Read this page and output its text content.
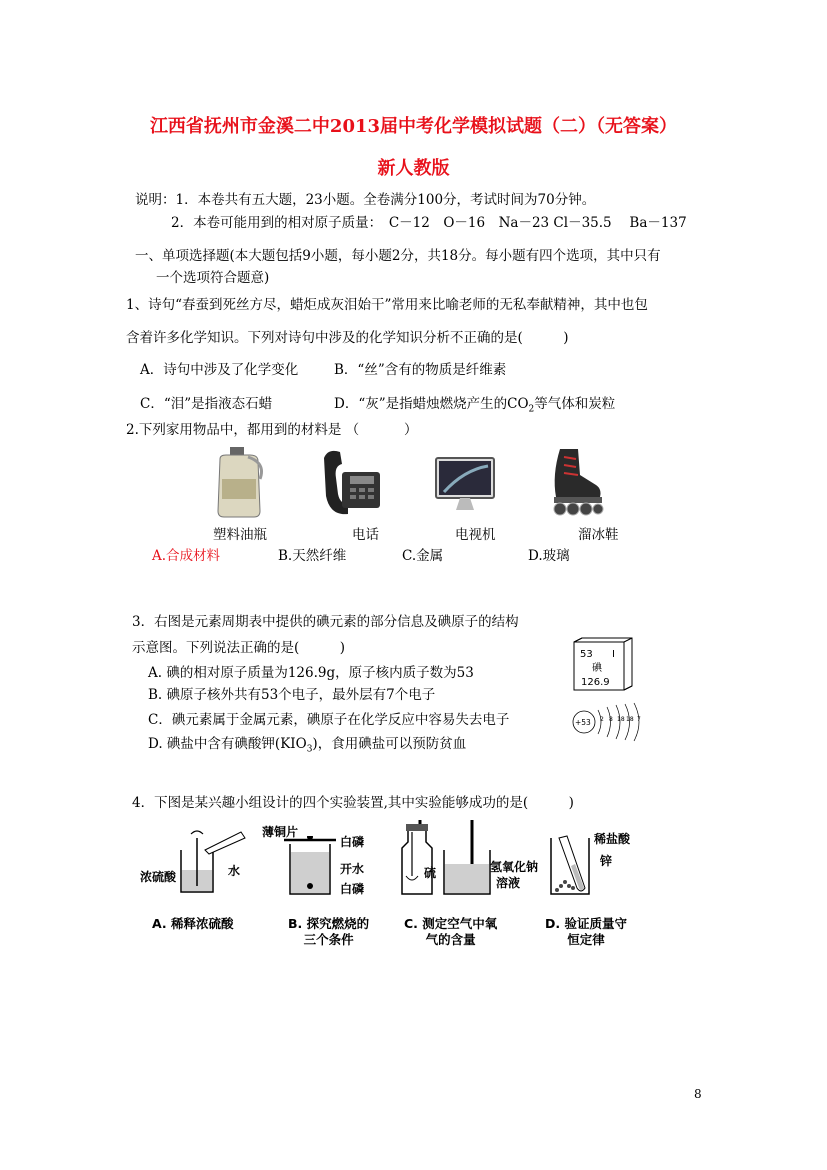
江西省抚州市金溪二中2013届中考化学模拟试题（二）（无答案）
新人教版
说明：1．本卷共有五大题，23小题。全卷满分100分，考试时间为70分钟。
2．本卷可能用到的相对原子质量：　C－12　O－16　Na－23 Cl－35.5　 Ba－137
一、单项选择题(本大题包括9小题，每小题2分，共18分。每小题有四个选项，其中只有
一个选项符合题意)
1、诗句“春蚕到死丝方尽，蜡炬成灰泪始干”常用来比喻老师的无私奉献精神，其中也包
含着许多化学知识。下列对诗句中涉及的化学知识分析不正确的是(　　　)
A．诗句中涉及了化学变化	B．“丝”含有的物质是纤维素
C．“泪”是指液态石蜡	D．“灰”是指蜡烛燃烧产生的$CO_2$等气体和炭粒
2.下列家用物品中，都用到的材料是 （　　　 ）
塑料油瓶	电话	电视机	溜冰鞋
A.合成材料	B.天然纤维	C.金属	D.玻璃
3．右图是元素周期表中提供的碘元素的部分信息及碘原子的结构
示意图。下列说法正确的是(　　　)
A. 碘的相对原子质量为126.9g，原子核内质子数为53
B. 碘原子核外共有53个电子，最外层有7个电子
C．碘元素属于金属元素，碘原子在化学反应中容易失去电子
D. 碘盐中含有碘酸钾$(KIO_3)$，食用碘盐可以预防贫血
53 I
碘
126.9
+53 2 8 18 18 7
4．下图是某兴趣小组设计的四个实验装置,其中实验能够成功的是(　　　)
浓硫酸	水
A. 稀释浓硫酸
薄铜片
白磷
开水
白磷
B. 探究燃烧的
三个条件
硫	氢氧化钠
溶液
C. 测定空气中氧
气的含量
稀盐酸
锌
D. 验证质量守
恒定律
8
